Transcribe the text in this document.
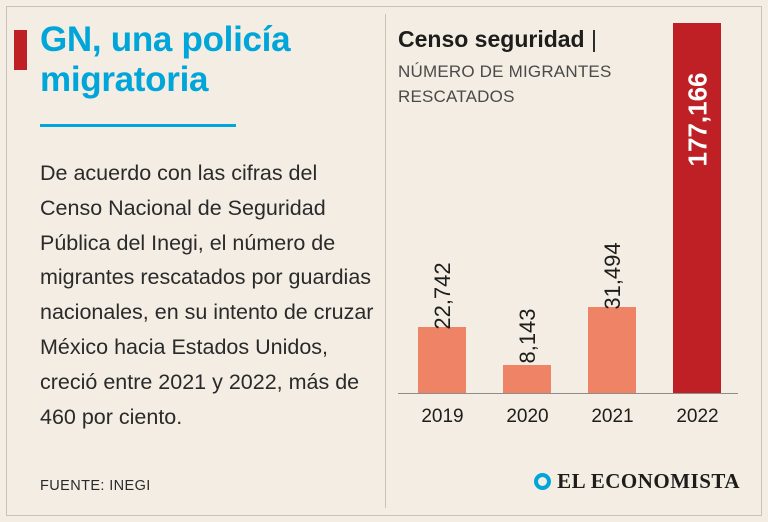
GN, una policía migratoria
De acuerdo con las cifras del Censo Nacional de Seguridad Pública del Inegi, el número de migrantes rescatados por guardias nacionales, en su intento de cruzar México hacia Estados Unidos, creció entre 2021 y 2022, más de 460 por ciento.
FUENTE: INEGI
Censo seguridad |
NÚMERO DE MIGRANTES RESCATADOS
22,742
2019
8,143
2020
31,494
2021
177,166
2022
EL ECONOMISTA
